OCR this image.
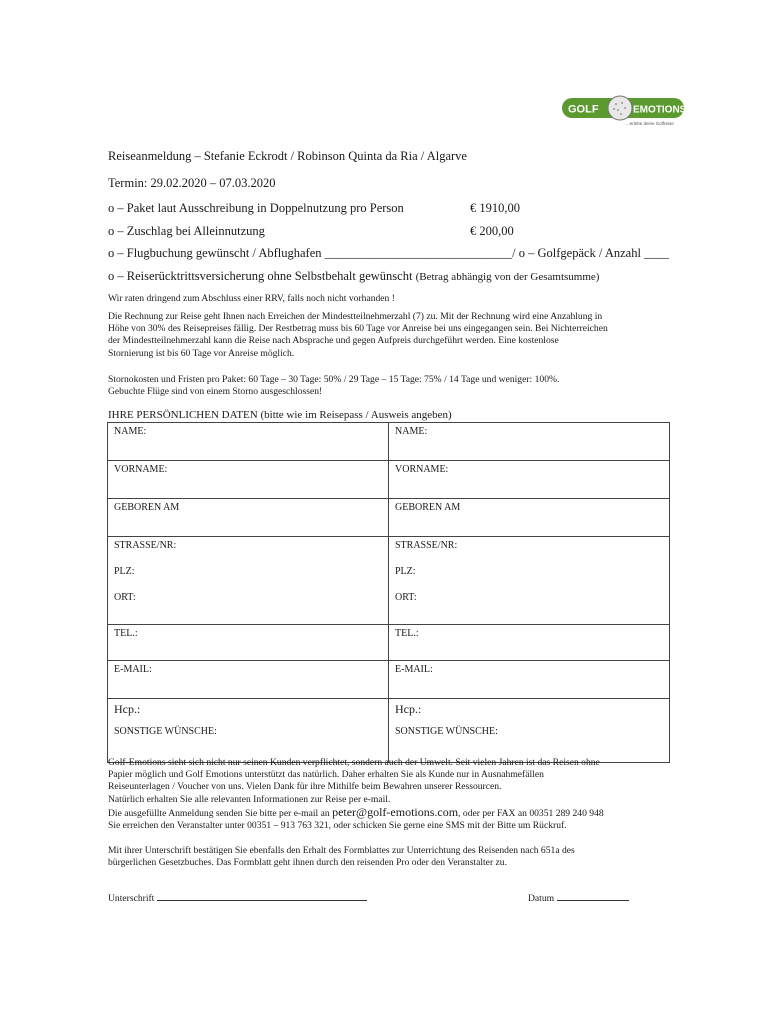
GOLF	EMOTIONS
...erlebe deine Golfreise
Reiseanmeldung – Stefanie Eckrodt / Robinson Quinta da Ria / Algarve
Termin: 29.02.2020 – 07.03.2020
o – Paket laut Ausschreibung in Doppelnutzung pro Person	€ 1910,00
o – Zuschlag bei Alleinnutzung	€ 200,00
o – Flugbuchung gewünscht / Abflughafen ______________________________/ o – Golfgepäck / Anzahl ____
o – Reiserücktrittsversicherung ohne Selbstbehalt gewünscht (Betrag abhängig von der Gesamtsumme)
Wir raten dringend zum Abschluss einer RRV, falls noch nicht vorhanden !

Die Rechnung zur Reise geht Ihnen nach Erreichen der Mindestteilnehmerzahl (7) zu. Mit der Rechnung wird eine Anzahlung in

Höhe von 30% des Reisepreises fällig. Der Restbetrag muss bis 60 Tage vor Anreise bei uns eingegangen sein. Bei Nichterreichen

der Mindestteilnehmerzahl kann die Reise nach Absprache und gegen Aufpreis durchgeführt werden. Eine kostenlose

Stornierung ist bis 60 Tage vor Anreise möglich.

Stornokosten und Fristen pro Paket: 60 Tage – 30 Tage: 50% / 29 Tage – 15 Tage: 75% / 14 Tage und weniger: 100%.

Gebuchte Flüge sind von einem Storno ausgeschlossen!

IHRE PERSÖNLICHEN DATEN (bitte wie im Reisepass / Ausweis angeben)
NAME:	NAME:

VORNAME:	VORNAME:

GEBOREN AM	GEBOREN AM

STRASSE/NR:
PLZ:
ORT:	STRASSE/NR:
PLZ:
ORT:

TEL.:	TEL.:

E-MAIL:	E-MAIL:

Hcp.:
SONSTIGE WÜNSCHE:	Hcp.:
SONSTIGE WÜNSCHE:

Golf-Emotions sieht sich nicht nur seinen Kunden verpflichtet, sondern auch der Umwelt. Seit vielen Jahren ist das Reisen ohne

Papier möglich und Golf Emotions unterstützt das natürlich. Daher erhalten Sie als Kunde nur in Ausnahmefällen

Reiseunterlagen / Voucher von uns. Vielen Dank für ihre Mithilfe beim Bewahren unserer Ressourcen.

Natürlich erhalten Sie alle relevanten Informationen zur Reise per e-mail.

Die ausgefüllte Anmeldung senden Sie bitte per e-mail an peter@golf-emotions.com, oder per FAX an 00351 289 240 948

Sie erreichen den Veranstalter unter 00351 – 913 763 321, oder schicken Sie gerne eine SMS mit der Bitte um Rückruf.

Mit ihrer Unterschrift bestätigen Sie ebenfalls den Erhalt des Formblattes zur Unterrichtung des Reisenden nach 651a des

bürgerlichen Gesetzbuches. Das Formblatt geht ihnen durch den reisenden Pro oder den Veranstalter zu.

Unterschrift	Datum
